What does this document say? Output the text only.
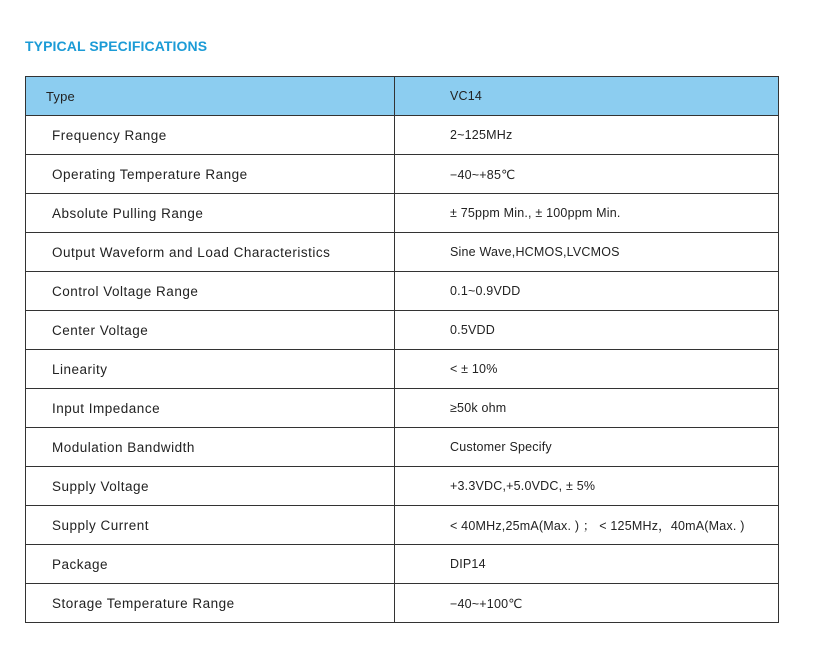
TYPICAL SPECIFICATIONS
Type	VC14
Frequency Range	2~125MHz
Operating Temperature Range	−40~+85℃
Absolute Pulling Range	± 75ppm Min., ± 100ppm Min.
Output Waveform and Load Characteristics	Sine Wave,HCMOS,LVCMOS
Control Voltage Range	0.1~0.9VDD
Center Voltage	0.5VDD
Linearity	< ± 10%
Input Impedance	≥50k ohm
Modulation Bandwidth	Customer Specify
Supply Voltage	+3.3VDC,+5.0VDC, ± 5%
Supply Current	< 40MHz,25mA(Max. ) ； < 125MHz，40mA(Max. )
Package	DIP14
Storage Temperature Range	−40~+100℃
